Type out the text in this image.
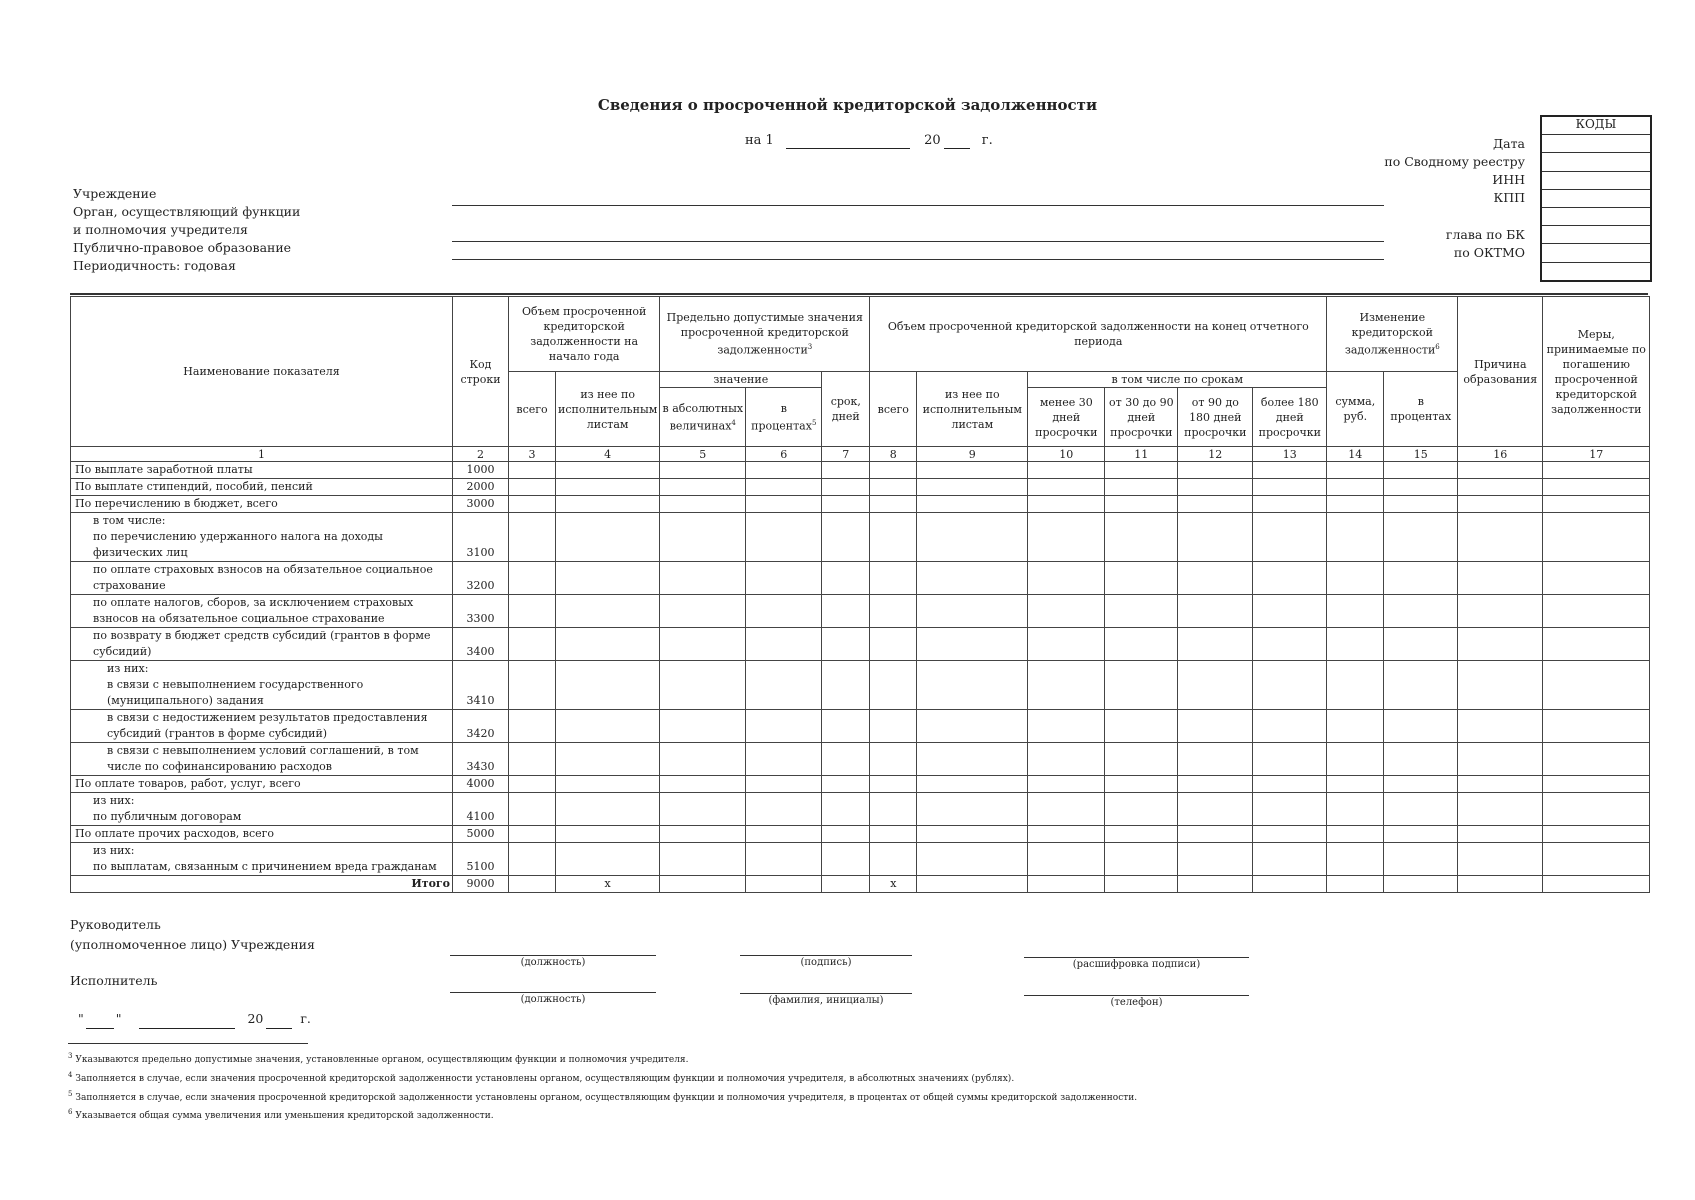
Сведения о просроченной кредиторской задолженности
на 1	20	г.
КОДЫ
Дата
по Сводному реестру
ИНН
КПП
глава по БК
по ОКТМО
Учреждение
Орган, осуществляющий функции
и полномочия учредителя
Публично-правовое образование
Периодичность: годовая
Наименование показателя	Код строки	Объем просроченной кредиторской задолженности на начало года		Предельно допустимые значения просроченной кредиторской задолженности$^3$			Объем просроченной кредиторской задолженности на конец отчетного периода						Изменение кредиторской задолженности$^6$		Причина образования	Меры, принимаемые по погашению просроченной кредиторской задолженности
		всего	из нее по исполнительным листам	значение		срок, дней	всего	из нее по исполнительным листам	в том числе по срокам				сумма, руб.	в процентах		
				в абсолютных величинах$^4$	в процентах$^5$				менее 30 дней просрочки	от 30 до 90 дней просрочки	от 90 до 180 дней просрочки	более 180 дней просрочки				
1	2	3	4	5	6	7	8	9	10	11	12	13	14	15	16	17

По выплате заработной платы	1000															

По выплате стипендий, пособий, пенсий	2000															

По перечислению в бюджет, всего	3000															

в том числе:
по перечислению удержанного налога на доходы
физических лиц	3100															

по оплате страховых взносов на обязательное социальное
страхование	3200															

по оплате налогов, сборов, за исключением страховых
взносов на обязательное социальное страхование	3300															

по возврату в бюджет средств субсидий (грантов в форме
субсидий)	3400															

из них:
в связи с невыполнением государственного
(муниципального) задания	3410															

в связи с недостижением результатов предоставления
субсидий (грантов в форме субсидий)	3420															

в связи с невыполнением условий соглашений, в том
числе по софинансированию расходов	3430															

По оплате товаров, работ, услуг, всего	4000															

из них:
по публичным договорам	4100															

По оплате прочих расходов, всего	5000															

из них:
по выплатам, связанным с причинением вреда гражданам	5100															
Итого	9000		x				x									
Руководитель
(уполномоченное лицо) Учреждения
(должность)	(подпись)	(расшифровка подписи)
Исполнитель
(должность)	(фамилия, инициалы)	(телефон)
"	"	20	г.
$^3$ Указываются предельно допустимые значения, установленные органом, осуществляющим функции и полномочия учредителя.
$^4$ Заполняется в случае, если значения просроченной кредиторской задолженности установлены органом, осуществляющим функции и полномочия учредителя, в абсолютных значениях (рублях).
$^5$ Заполняется в случае, если значения просроченной кредиторской задолженности установлены органом, осуществляющим функции и полномочия учредителя, в процентах от общей суммы кредиторской задолженности.
$^6$ Указывается общая сумма увеличения или уменьшения кредиторской задолженности.
